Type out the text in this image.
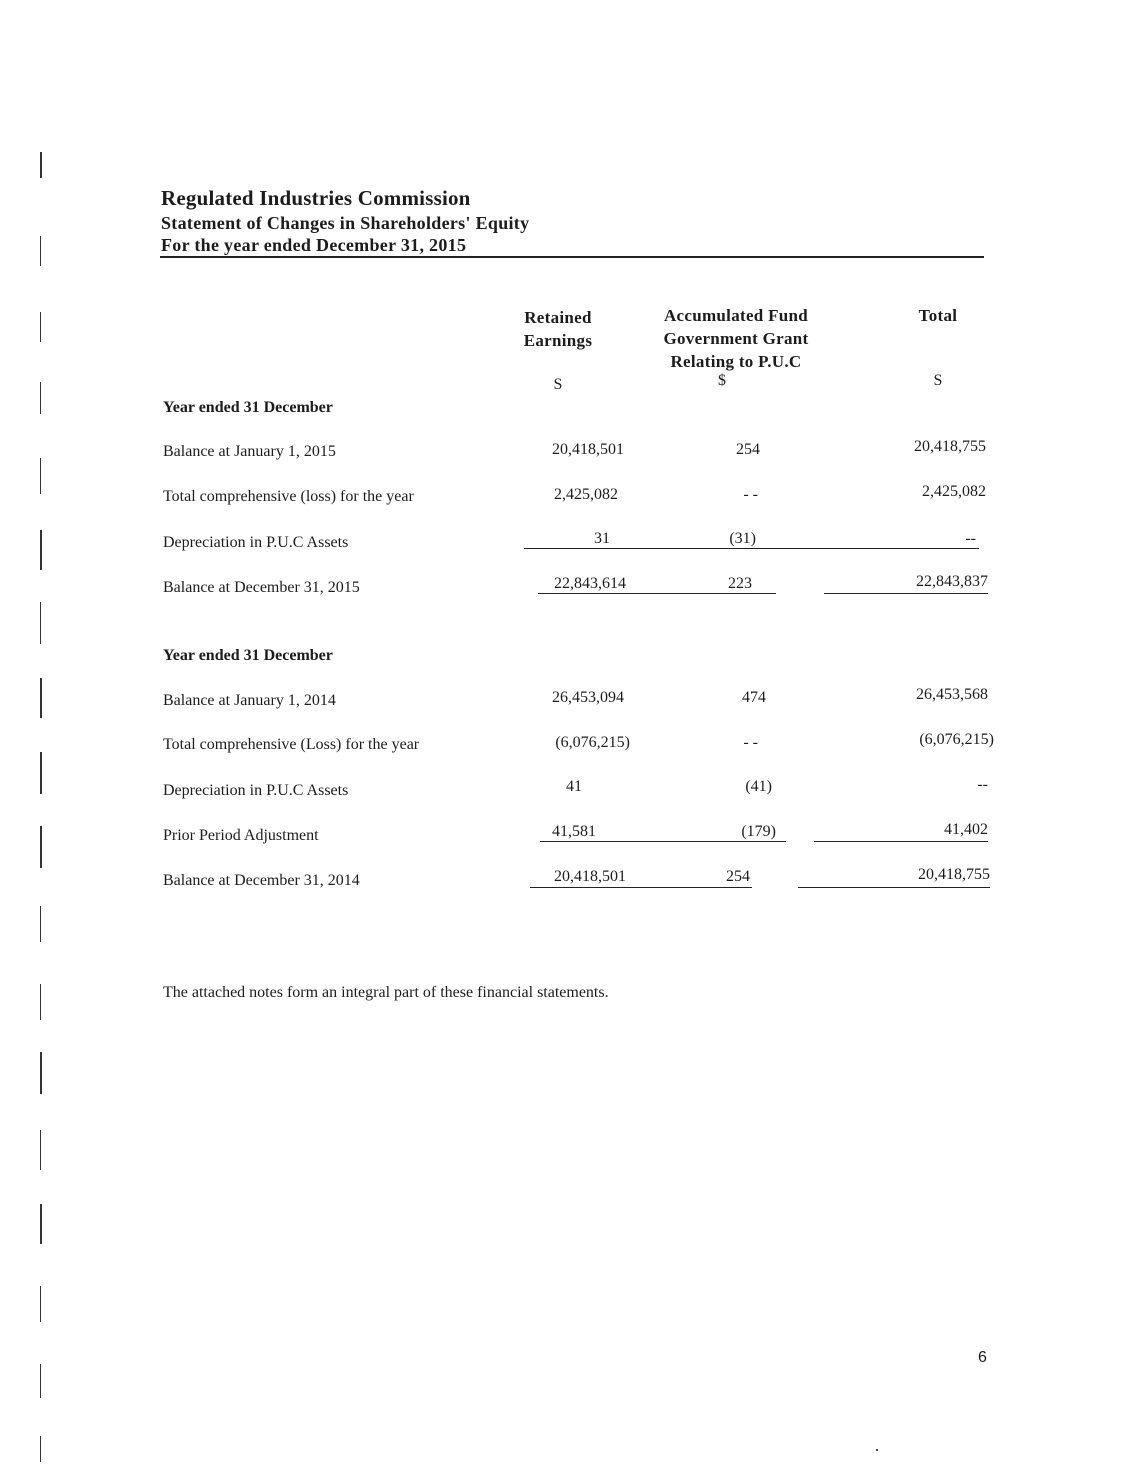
Regulated Industries Commission
Statement of Changes in Shareholders' Equity
For the year ended December 31, 2015
Retained Earnings
Accumulated Fund Government Grant Relating to P.U.C
Total
S	$	S
Year ended 31 December
Balance at January 1, 2015	20,418,501	254	20,418,755
Total comprehensive (loss) for the year	2,425,082	- -	2,425,082
Depreciation in P.U.C Assets	31	(31)	--
Balance at December 31, 2015	22,843,614	223	22,843,837
Year ended 31 December
Balance at January 1, 2014	26,453,094	474	26,453,568
Total comprehensive (Loss) for the year	(6,076,215)	- -	(6,076,215)
Depreciation in P.U.C Assets	41	(41)	--
Prior Period Adjustment	41,581	(179)	41,402
Balance at December 31, 2014	20,418,501	254	20,418,755
The attached notes form an integral part of these financial statements.
6
